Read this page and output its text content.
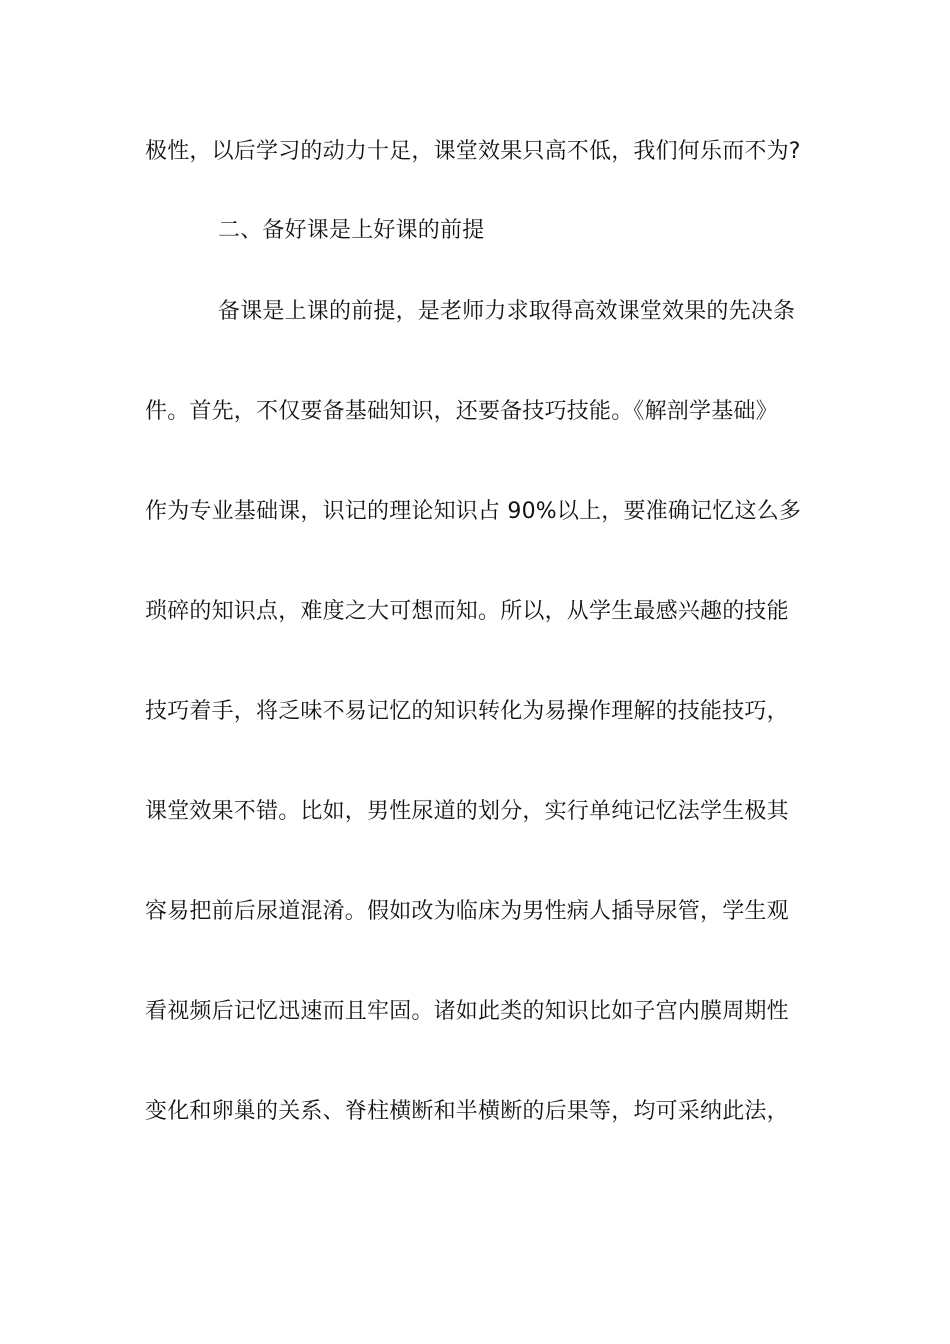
极性，以后学习的动力十足，课堂效果只高不低，我们何乐而不为?
二、备好课是上好课的前提
备课是上课的前提，是老师力求取得高效课堂效果的先决条
件。首先，不仅要备基础知识，还要备技巧技能。《解剖学基础》
作为专业基础课，识记的理论知识占 90%以上，要准确记忆这么多
琐碎的知识点，难度之大可想而知。所以，从学生最感兴趣的技能
技巧着手，将乏味不易记忆的知识转化为易操作理解的技能技巧，
课堂效果不错。比如，男性尿道的划分，实行单纯记忆法学生极其
容易把前后尿道混淆。假如改为临床为男性病人插导尿管，学生观
看视频后记忆迅速而且牢固。诸如此类的知识比如子宫内膜周期性
变化和卵巢的关系、脊柱横断和半横断的后果等，均可采纳此法，
